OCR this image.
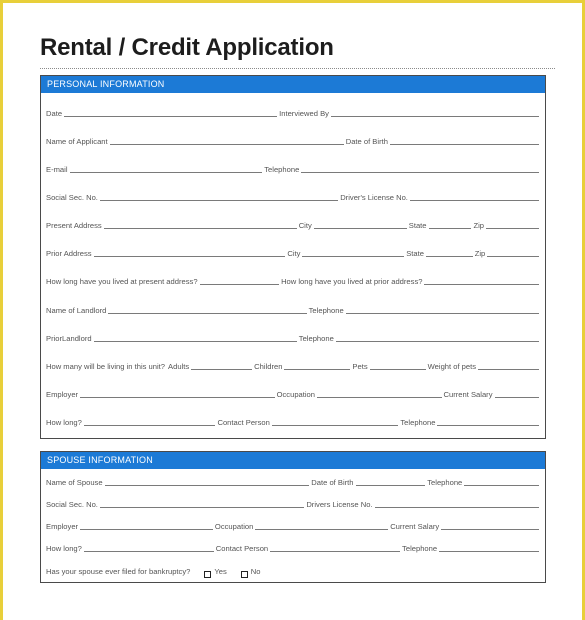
Rental / Credit Application
PERSONAL INFORMATION
Date	Interviewed By
Name of Applicant	Date of Birth
E-mail	Telephone
Social Sec. No.	Driver's License No.
Present Address	City	State	Zip
Prior Address	City	State	Zip
How long have you lived at present address?	How long have you lived at prior address?
Name of Landlord	Telephone
PriorLandlord	Telephone
How many will be living in this unit? Adults	Children	Pets	Weight of pets
Employer	Occupation	Current Salary
How long?	Contact Person	Telephone
SPOUSE INFORMATION
Name of Spouse	Date of Birth	Telephone
Social Sec. No.	Drivers License No.
Employer	Occupation	Current Salary
How long?	Contact Person	Telephone
Has your spouse ever filed for bankruptcy?	Yes	No
